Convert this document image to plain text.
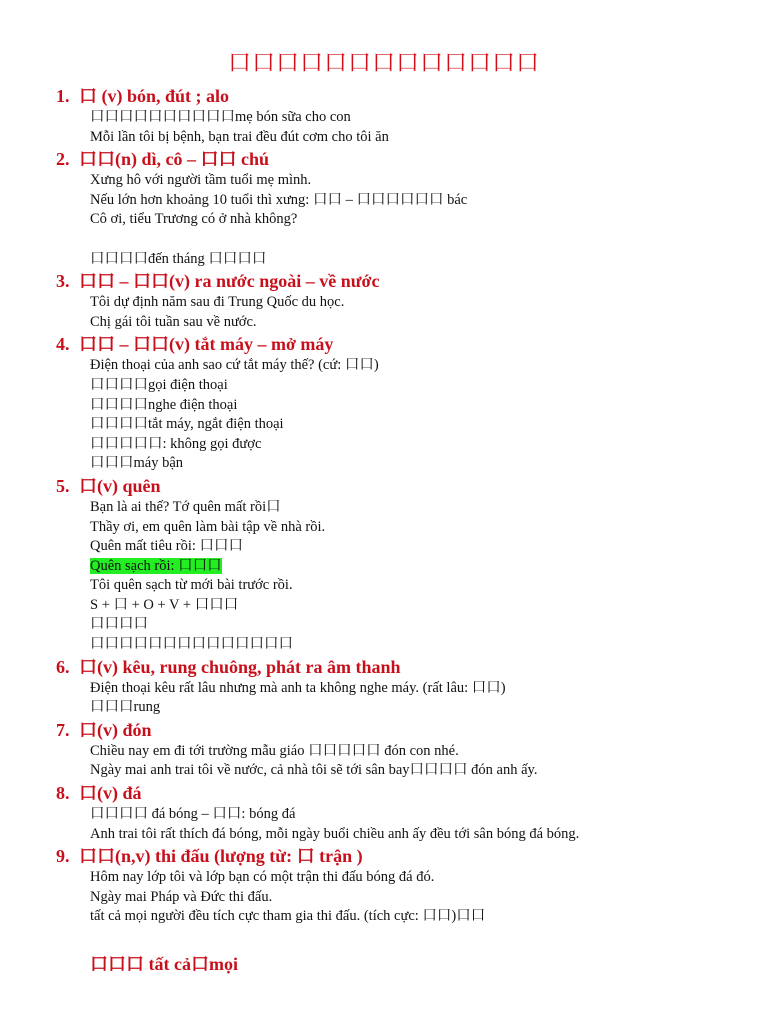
口口口口口口口口口口口口口
1. 口 (v) bón, đút ; alo
口口口口口口口口口口mẹ bón sữa cho con
Mỗi lần tôi bị bệnh, bạn trai đều đút cơm cho tôi ăn
2. 口口(n) dì, cô – 口口 chú
Xưng hô với người tầm tuổi mẹ mình.
Nếu lớn hơn khoảng 10 tuổi thì xưng: 口口 – 口口口口口口 bác
Cô ơi, tiểu Trương có ở nhà không?
口口口口đến tháng 口口口口
3. 口口 – 口口(v) ra nước ngoài – về nước
Tôi dự định năm sau đi Trung Quốc du học.
Chị gái tôi tuần sau về nước.
4. 口口 – 口口(v) tắt máy – mở máy
Điện thoại của anh sao cứ tắt máy thế? (cứ: 口口)
口口口口gọi điện thoại
口口口口nghe điện thoại
口口口口tắt máy, ngắt điện thoại
口口口口口: không gọi được
口口口máy bận
5. 口(v) quên
Bạn là ai thế? Tớ quên mất rồi口
Thầy ơi, em quên làm bài tập về nhà rồi.
Quên mất tiêu rồi: 口口口
Quên sạch rồi: 口口口
Tôi quên sạch từ mới bài trước rồi.
S + 口 + O + V + 口口口
口口口口
口口口口口口口口口口口口口口
6. 口(v) kêu, rung chuông, phát ra âm thanh
Điện thoại kêu rất lâu nhưng mà anh ta không nghe máy. (rất lâu: 口口)
口口口rung
7. 口(v) đón
Chiều nay em đi tới trường mẫu giáo 口口口口口 đón con nhé.
Ngày mai anh trai tôi về nước, cả nhà tôi sẽ tới sân bay口口口口 đón anh ấy.
8. 口(v) đá
口口口口 đá bóng – 口口: bóng đá
Anh trai tôi rất thích đá bóng, mỗi ngày buổi chiều anh ấy đều tới sân bóng đá bóng.
9. 口口(n,v) thi đấu (lượng từ: 口 trận )
Hôm nay lớp tôi và lớp bạn có một trận thi đấu bóng đá đó.
Ngày mai Pháp và Đức thi đấu.
tất cả mọi người đều tích cực tham gia thi đấu. (tích cực: 口口)口口
口口口 tất cả口mọi
